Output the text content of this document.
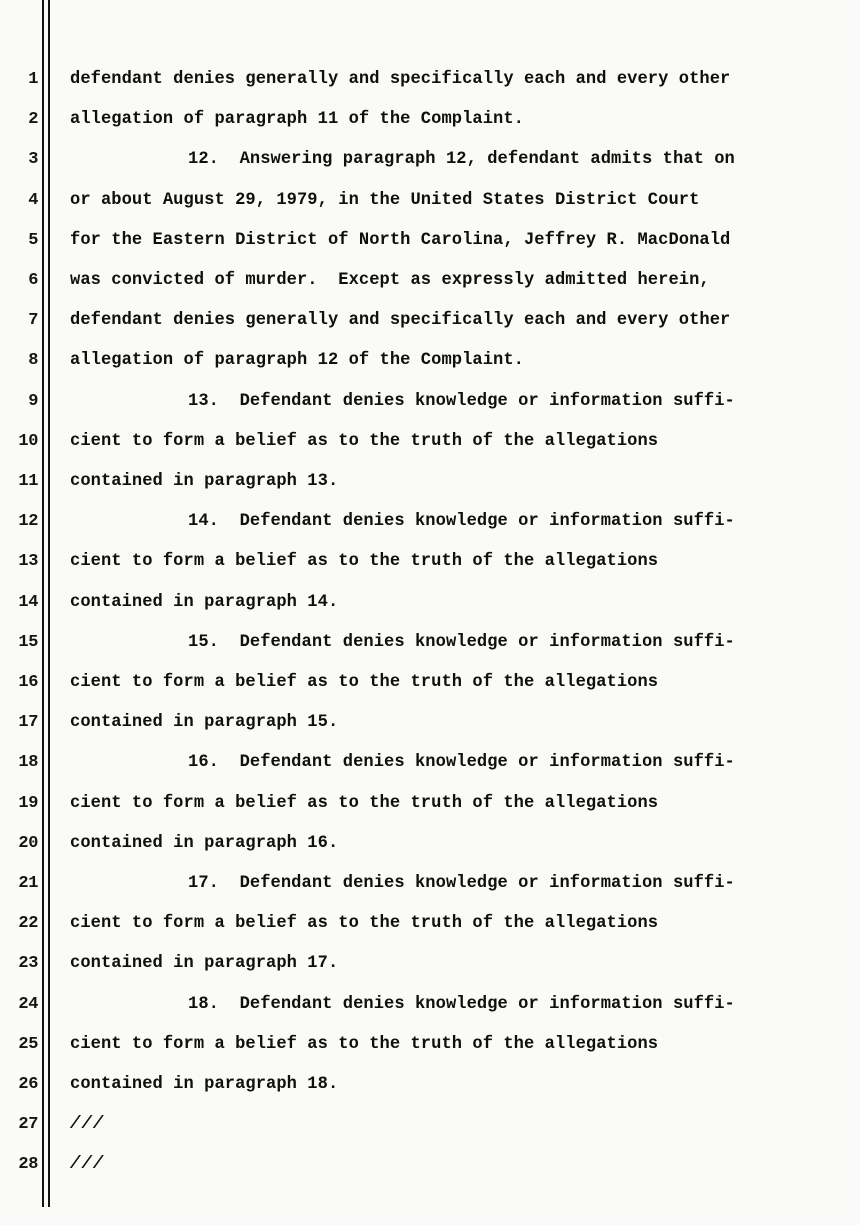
1
2
3
4
5
6
7
8
9
10
11
12
13
14
15
16
17
18
19
20
21
22
23
24
25
26
27
28
defendant denies generally and specifically each and every other
allegation of paragraph 11 of the Complaint.
12.  Answering paragraph 12, defendant admits that on
or about August 29, 1979, in the United States District Court
for the Eastern District of North Carolina, Jeffrey R. MacDonald
was convicted of murder.  Except as expressly admitted herein,
defendant denies generally and specifically each and every other
allegation of paragraph 12 of the Complaint.
13.  Defendant denies knowledge or information suffi-
cient to form a belief as to the truth of the allegations
contained in paragraph 13.
14.  Defendant denies knowledge or information suffi-
cient to form a belief as to the truth of the allegations
contained in paragraph 14.
15.  Defendant denies knowledge or information suffi-
cient to form a belief as to the truth of the allegations
contained in paragraph 15.
16.  Defendant denies knowledge or information suffi-
cient to form a belief as to the truth of the allegations
contained in paragraph 16.
17.  Defendant denies knowledge or information suffi-
cient to form a belief as to the truth of the allegations
contained in paragraph 17.
18.  Defendant denies knowledge or information suffi-
cient to form a belief as to the truth of the allegations
contained in paragraph 18.
///
///
